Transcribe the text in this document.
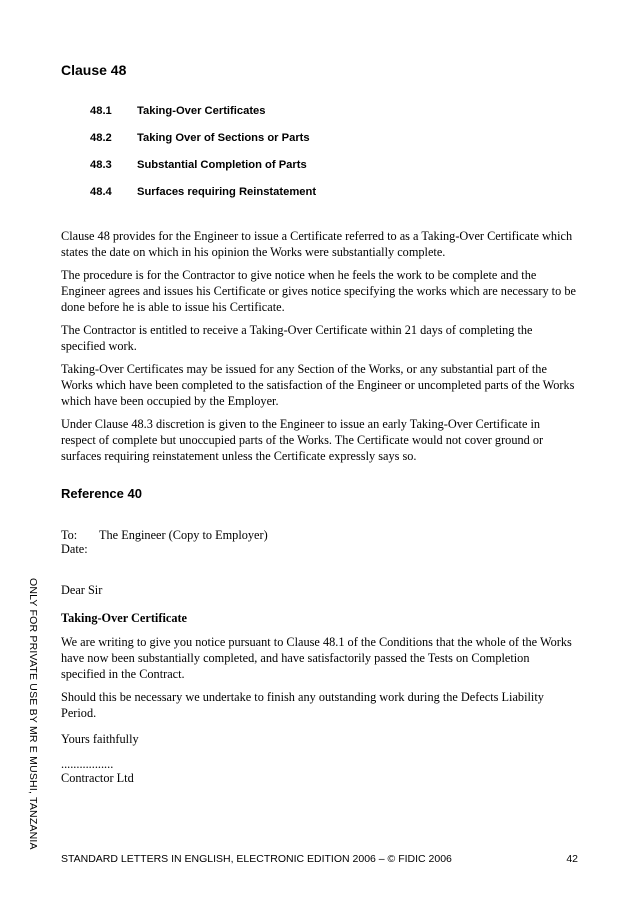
Clause 48
48.1 Taking-Over Certificates
48.2 Taking Over of Sections or Parts
48.3 Substantial Completion of Parts
48.4 Surfaces requiring Reinstatement

Clause 48 provides for the Engineer to issue a Certificate referred to as a Taking-Over Certificate which states the date on which in his opinion the Works were substantially complete.

The procedure is for the Contractor to give notice when he feels the work to be complete and the Engineer agrees and issues his Certificate or gives notice specifying the works which are necessary to be done before he is able to issue his Certificate.

The Contractor is entitled to receive a Taking-Over Certificate within 21 days of completing the specified work.

Taking-Over Certificates may be issued for any Section of the Works, or any substantial part of the Works which have been completed to the satisfaction of the Engineer or uncompleted parts of the Works which have been occupied by the Employer.

Under Clause 48.3 discretion is given to the Engineer to issue an early Taking-Over Certificate in respect of complete but unoccupied parts of the Works. The Certificate would not cover ground or surfaces requiring reinstatement unless the Certificate expressly says so.

Reference 40
To: The Engineer (Copy to Employer)
Date:

Dear Sir

Taking-Over Certificate

We are writing to give you notice pursuant to Clause 48.1 of the Conditions that the whole of the Works have now been substantially completed, and have satisfactorily passed the Tests on Completion specified in the Contract.

Should this be necessary we undertake to finish any outstanding work during the Defects Liability Period.

Yours faithfully

.................

Contractor Ltd

ONLY FOR PRIVATE USE BY MR E MUSHI, TANZANIA
STANDARD LETTERS IN ENGLISH, ELECTRONIC EDITION 2006 – © FIDIC 2006	42
